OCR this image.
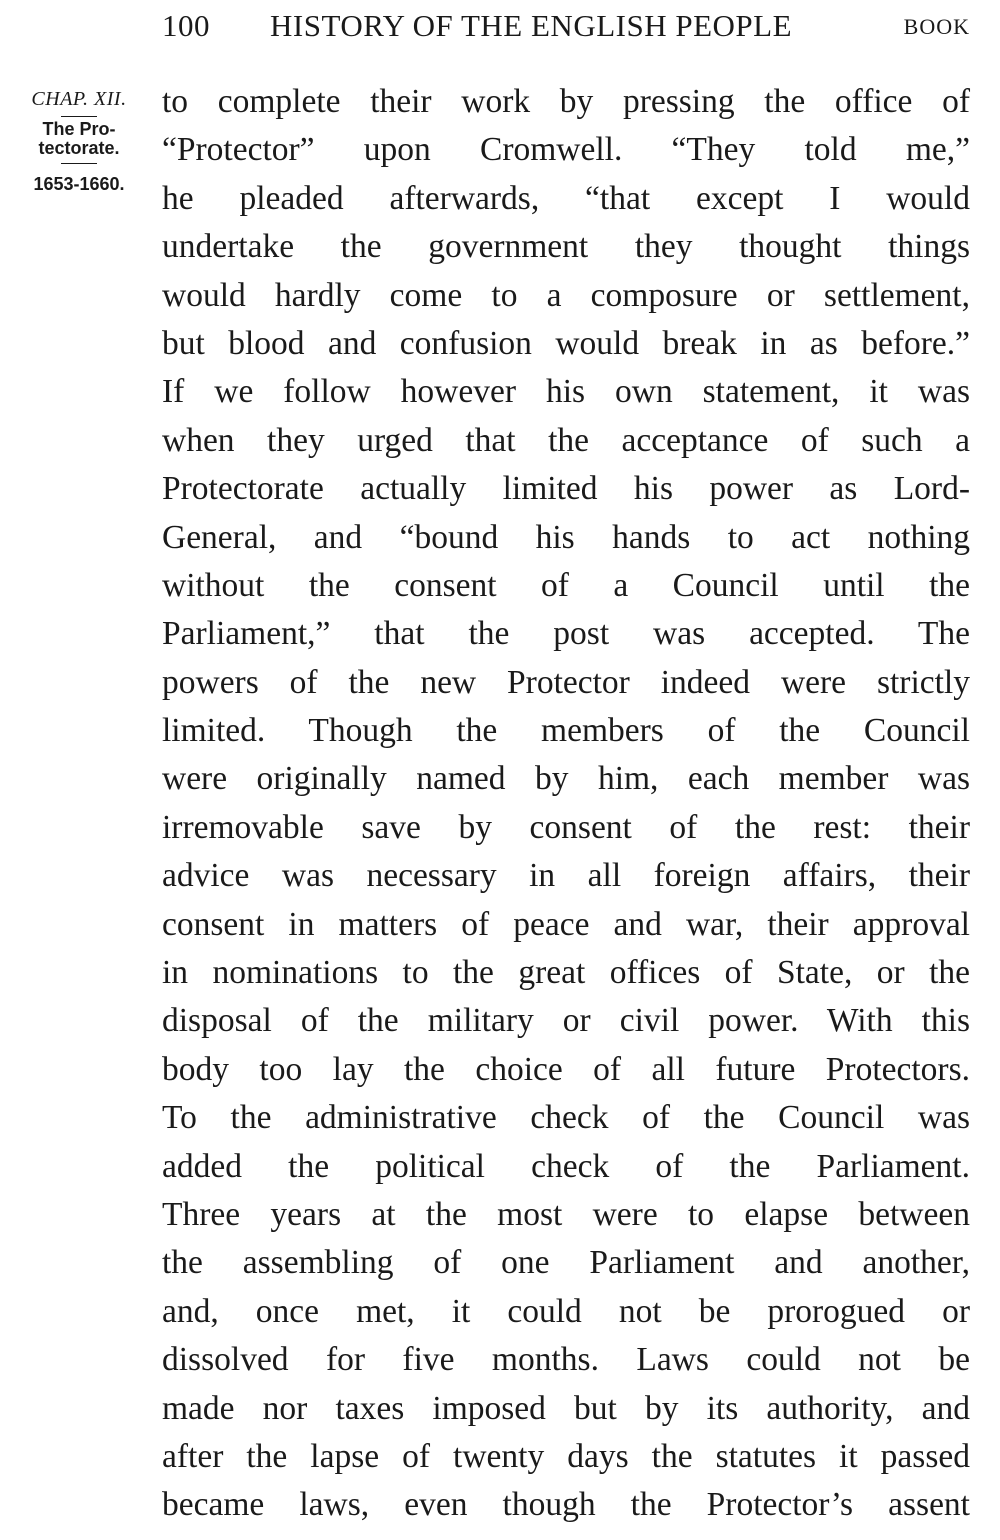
100 HISTORY OF THE ENGLISH PEOPLE	BOOK
CHAP. XII.
The Pro-
tectorate.
1653-1660.
to complete their work by pressing the office of
“Protector” upon Cromwell. “They told me,”
he pleaded afterwards, “that except I would
undertake the government they thought things
would hardly come to a composure or settlement,
but blood and confusion would break in as before.”
If we follow however his own statement, it was
when they urged that the acceptance of such a
Protectorate actually limited his power as Lord-
General, and “bound his hands to act nothing
without the consent of a Council until the
Parliament,” that the post was accepted. The
powers of the new Protector indeed were strictly
limited. Though the members of the Council
were originally named by him, each member was
irremovable save by consent of the rest: their
advice was necessary in all foreign affairs, their
consent in matters of peace and war, their approval
in nominations to the great offices of State, or the
disposal of the military or civil power. With this
body too lay the choice of all future Protectors.
To the administrative check of the Council was
added the political check of the Parliament.
Three years at the most were to elapse between
the assembling of one Parliament and another,
and, once met, it could not be prorogued or
dissolved for five months. Laws could not be
made nor taxes imposed but by its authority, and
after the lapse of twenty days the statutes it passed
became laws, even though the Protector’s assent
